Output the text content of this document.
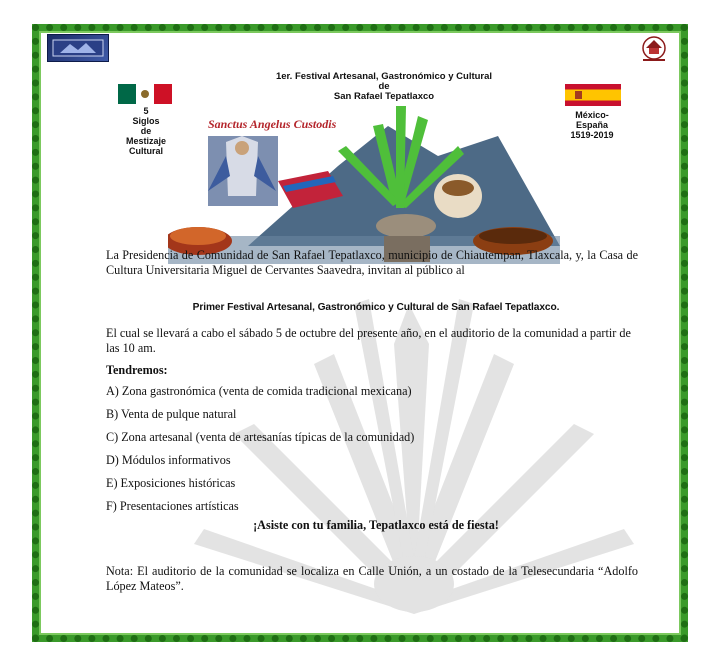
1er. Festival Artesanal, Gastronómico y Cultural
de
San Rafael Tepatlaxco
5
Siglos
de
Mestizaje
Cultural
México-
España
1519-2019
Sanctus Angelus Custodis
La Presidencia de Comunidad de San Rafael Tepatlaxco, municipio de Chiautempan, Tlaxcala, y, la Casa de Cultura Universitaria Miguel de Cervantes Saavedra, invitan al público al
Primer Festival Artesanal, Gastronómico y Cultural de San Rafael Tepatlaxco.
El cual se llevará a cabo el sábado 5 de octubre del presente año, en el auditorio de la comunidad a partir de las 10 am.
Tendremos:
A) Zona gastronómica (venta de comida tradicional mexicana)
B) Venta de pulque natural
C) Zona artesanal (venta de artesanías típicas de la comunidad)
D) Módulos informativos
E) Exposiciones históricas
F) Presentaciones artísticas
¡Asiste con tu familia, Tepatlaxco está de fiesta!
Nota: El auditorio de la comunidad se localiza en Calle Unión, a un costado de la Telesecundaria “Adolfo López Mateos”.
